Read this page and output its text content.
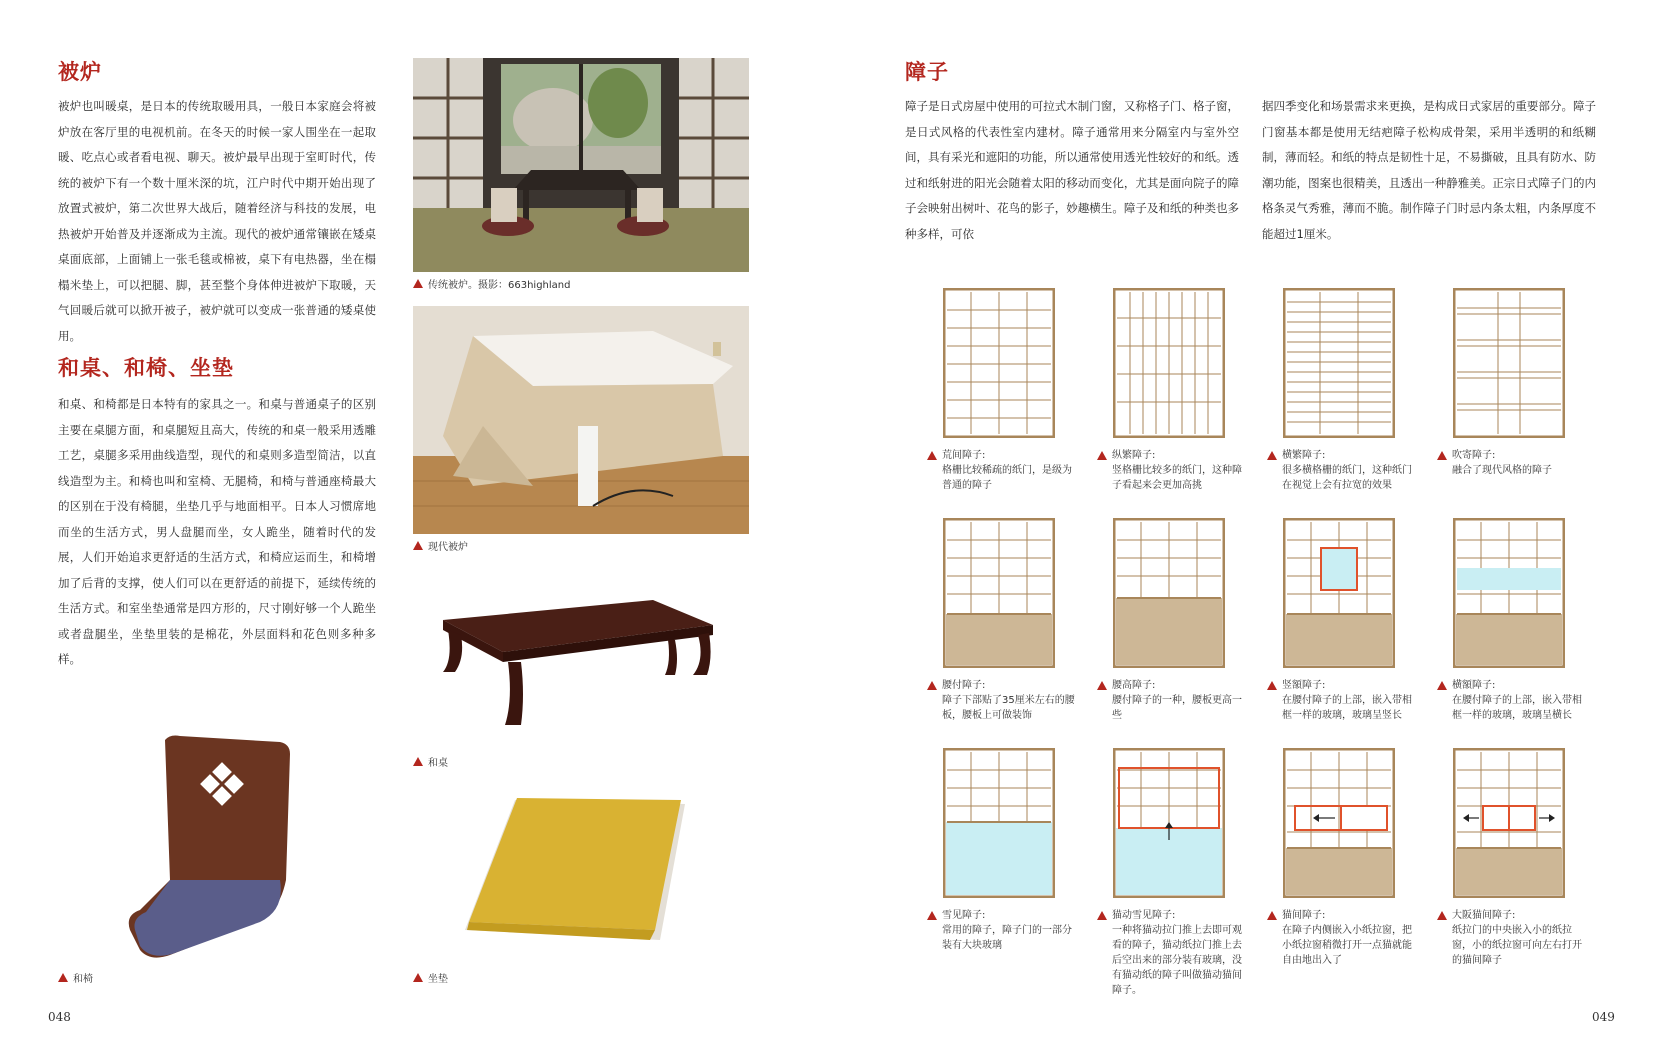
被炉
被炉也叫暖桌，是日本的传统取暖用具，一般日本家庭会将被炉放在客厅里的电视机前。在冬天的时候一家人围坐在一起取暖、吃点心或者看电视、聊天。被炉最早出现于室町时代，传统的被炉下有一个数十厘米深的坑，江户时代中期开始出现了放置式被炉，第二次世界大战后，随着经济与科技的发展，电热被炉开始普及并逐渐成为主流。现代的被炉通常镶嵌在矮桌桌面底部，上面铺上一张毛毯或棉被，桌下有电热器，坐在榻榻米垫上，可以把腿、脚，甚至整个身体伸进被炉下取暖，天气回暖后就可以掀开被子，被炉就可以变成一张普通的矮桌使用。
和桌、和椅、坐垫
和桌、和椅都是日本特有的家具之一。和桌与普通桌子的区别主要在桌腿方面，和桌腿短且高大，传统的和桌一般采用透雕工艺，桌腿多采用曲线造型，现代的和桌则多造型简洁，以直线造型为主。和椅也叫和室椅、无腿椅，和椅与普通座椅最大的区别在于没有椅腿，坐垫几乎与地面相平。日本人习惯席地而坐的生活方式，男人盘腿而坐，女人跪坐，随着时代的发展，人们开始追求更舒适的生活方式，和椅应运而生，和椅增加了后背的支撑，使人们可以在更舒适的前提下，延续传统的生活方式。和室坐垫通常是四方形的，尺寸刚好够一个人跪坐或者盘腿坐，坐垫里装的是棉花，外层面料和花色则多种多样。
传统被炉。摄影：663highland
现代被炉
和桌
和椅	坐垫
048
障子
障子是日式房屋中使用的可拉式木制门窗，又称格子门、格子窗，是日式风格的代表性室内建材。障子通常用来分隔室内与室外空间，具有采光和遮阳的功能，所以通常使用透光性较好的和纸。透过和纸射进的阳光会随着太阳的移动而变化，尤其是面向院子的障子会映射出树叶、花鸟的影子，妙趣横生。障子及和纸的种类也多种多样，可依
据四季变化和场景需求来更换，是构成日式家居的重要部分。障子门窗基本都是使用无结疤障子松构成骨架，采用半透明的和纸糊制，薄而轻。和纸的特点是韧性十足，不易撕破，且具有防水、防潮功能，图案也很精美，且透出一种静雅美。正宗日式障子门的内格条灵气秀雅，薄而不脆。制作障子门时忌内条太粗，内条厚度不能超过1厘米。
荒间障子:
格栅比较稀疏的纸门，是级为普通的障子
纵繁障子:
竖格栅比较多的纸门，这种障子看起来会更加高挑
横繁障子:
很多横格栅的纸门，这种纸门在视觉上会有拉宽的效果
吹寄障子:
融合了现代风格的障子
腰付障子:
障子下部贴了35厘米左右的腰板，腰板上可做装饰
腰高障子:
腰付障子的一种，腰板更高一些
竖額障子:
在腰付障子的上部，嵌入带相框一样的玻璃，玻璃呈竖长
横額障子:
在腰付障子的上部，嵌入带相框一样的玻璃，玻璃呈横长
雪见障子:
常用的障子，障子门的一部分装有大块玻璃
猫动雪见障子:
一种将猫动拉门推上去即可观看的障子，猫动纸拉门推上去后空出来的部分装有玻璃，没有猫动纸的障子叫做猫动猫间障子。
猫间障子:
在障子内侧嵌入小纸拉窗，把小纸拉窗稍微打开一点猫就能自由地出入了
大阪猫间障子:
纸拉门的中央嵌入小的纸拉窗，小的纸拉窗可向左右打开的猫间障子
049
